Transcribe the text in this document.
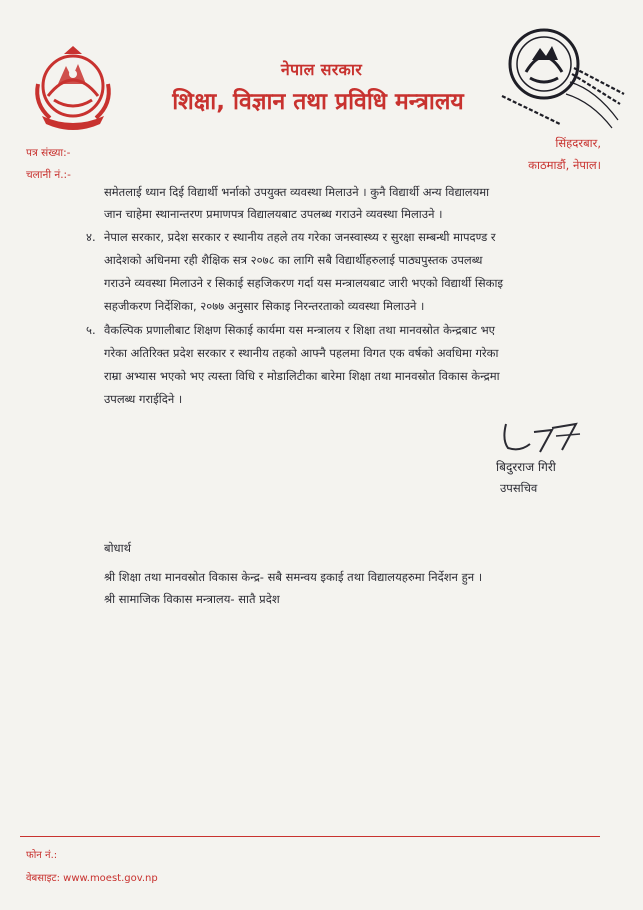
नेपाल सरकार
शिक्षा, विज्ञान तथा प्रविधि मन्त्रालय
पत्र संख्या:-
चलानी नं.:-
सिंहदरबार,
काठमाडौं, नेपाल।
समेतलाई ध्यान दिई विद्यार्थी भर्नाको उपयुक्त व्यवस्था मिलाउने । कुनै विद्यार्थी अन्य विद्यालयमा
जान चाहेमा स्थानान्तरण प्रमाणपत्र विद्यालयबाट उपलब्ध गराउने व्यवस्था मिलाउने ।
४. नेपाल सरकार, प्रदेश सरकार र स्थानीय तहले तय गरेका जनस्वास्थ्य र सुरक्षा सम्बन्धी मापदण्ड र
आदेशको अधिनमा रही शैक्षिक सत्र २०७८ का लागि सबै विद्यार्थीहरुलाई पाठ्यपुस्तक उपलब्ध
गराउने व्यवस्था मिलाउने र सिकाई सहजिकरण गर्दा यस मन्त्रालयबाट जारी भएको विद्यार्थी सिकाइ
सहजीकरण निर्देशिका, २०७७ अनुसार सिकाइ निरन्तरताको व्यवस्था मिलाउने ।
५. वैकल्पिक प्रणालीबाट शिक्षण सिकाई कार्यमा यस मन्त्रालय र शिक्षा तथा मानवस्रोत केन्द्रबाट भए
गरेका अतिरिक्त प्रदेश सरकार र स्थानीय तहको आफ्नै पहलमा विगत एक वर्षको अवधिमा गरेका
राम्रा अभ्यास भएको भए त्यस्ता विधि र मोडालिटीका बारेमा शिक्षा तथा मानवस्रोत विकास केन्द्रमा
उपलब्ध गराईदिने ।
बिदुरराज गिरी
उपसचिव
बोधार्थ
श्री शिक्षा तथा मानवस्रोत विकास केन्द्र- सबै समन्वय इकाई तथा विद्यालयहरुमा निर्देशन हुन ।
श्री सामाजिक विकास मन्त्रालय- सातै प्रदेश
फोन नं.:
वेबसाइट: www.moest.gov.np
